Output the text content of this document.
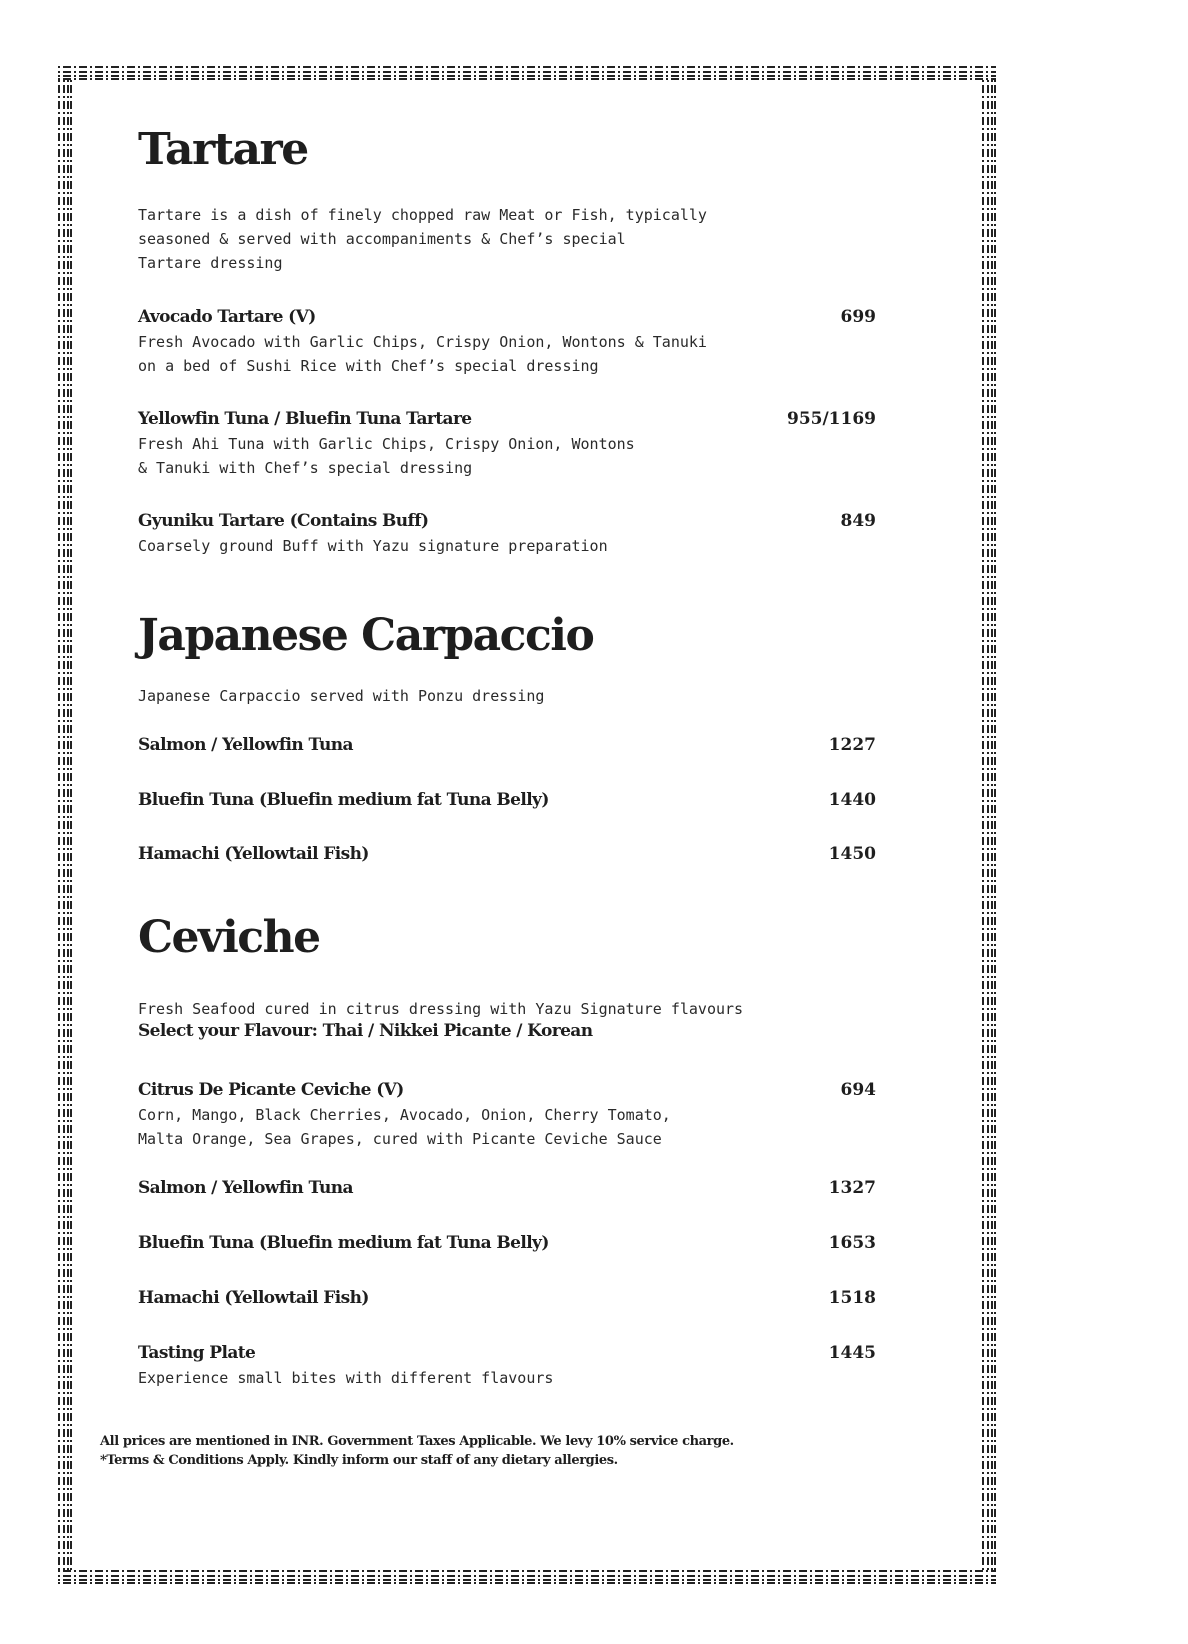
Tartare

Tartare is a dish of finely chopped raw Meat or Fish, typically
seasoned & served with accompaniments & Chef’s special
Tartare dressing

Avocado Tartare (V)	699

Fresh Avocado with Garlic Chips, Crispy Onion, Wontons & Tanuki
on a bed of Sushi Rice with Chef’s special dressing

Yellowfin Tuna / Bluefin Tuna Tartare	955/1169

Fresh Ahi Tuna with Garlic Chips, Crispy Onion, Wontons
& Tanuki with Chef’s special dressing

Gyuniku Tartare (Contains Buff)	849

Coarsely ground Buff with Yazu signature preparation

Japanese Carpaccio

Japanese Carpaccio served with Ponzu dressing

Salmon / Yellowfin Tuna	1227

Bluefin Tuna (Bluefin medium fat Tuna Belly)	1440

Hamachi (Yellowtail Fish)	1450
Ceviche

Fresh Seafood cured in citrus dressing with Yazu Signature flavours

Select your Flavour: Thai / Nikkei Picante / Korean

Citrus De Picante Ceviche (V)	694

Corn, Mango, Black Cherries, Avocado, Onion, Cherry Tomato,
Malta Orange, Sea Grapes, cured with Picante Ceviche Sauce

Salmon / Yellowfin Tuna	1327

Bluefin Tuna (Bluefin medium fat Tuna Belly)	1653

Hamachi (Yellowtail Fish)	1518

Tasting Plate	1445

Experience small bites with different flavours

All prices are mentioned in INR. Government Taxes Applicable. We levy 10% service charge.
*Terms & Conditions Apply. Kindly inform our staff of any dietary allergies.
